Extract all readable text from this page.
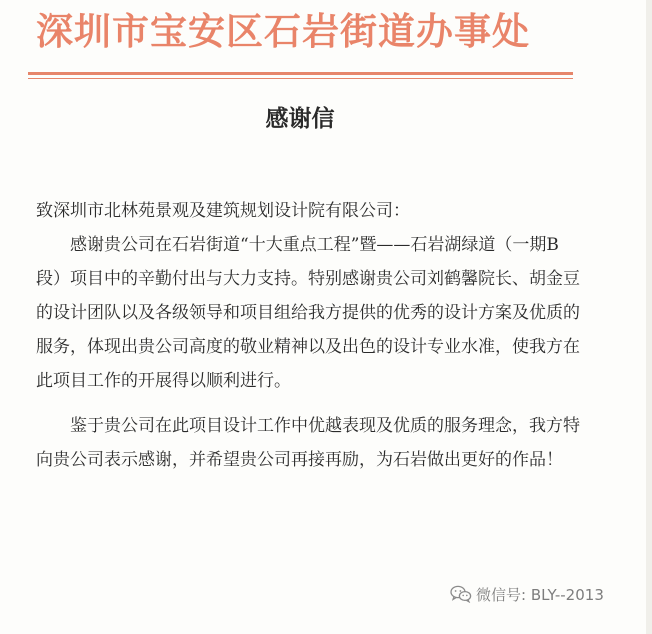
深圳市宝安区石岩街道办事处
感谢信

致深圳市北林苑景观及建筑规划设计院有限公司：

感谢贵公司在石岩街道“十大重点工程”暨——石岩湖绿道（一期B段）项目中的辛勤付出与大力支持。特别感谢贵公司刘鹤馨院长、胡金豆的设计团队以及各级领导和项目组给我方提供的优秀的设计方案及优质的服务，体现出贵公司高度的敬业精神以及出色的设计专业水准，使我方在此项目工作的开展得以顺利进行。

鉴于贵公司在此项目设计工作中优越表现及优质的服务理念，我方特向贵公司表示感谢，并希望贵公司再接再励，为石岩做出更好的作品！

微信号: BLY--2013
